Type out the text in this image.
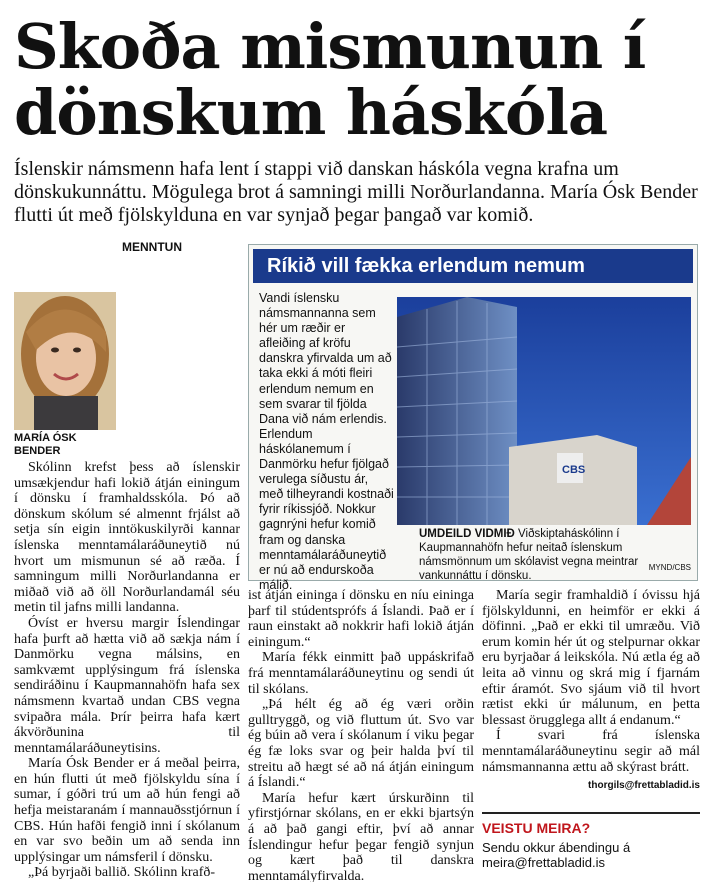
Skoða mismunun í
dönskum háskóla
Íslenskir námsmenn hafa lent í stappi við danskan háskóla vegna krafna um dönskukunnáttu. Mögulega brot á samningi milli Norðurlandanna. María Ósk Bender flutti út með fjölskylduna en var synjað þegar þangað var komið.

MENNTUN

MARÍA ÓSK
BENDER

Skólinn krefst þess að íslenskir umsækjendur hafi lokið átján einingum í dönsku í framhaldsskóla. Þó að dönskum skólum sé almennt frjálst að setja sín eigin inntökuskilyrði kannar íslenska menntamálaráðuneytið nú hvort um mismunun sé að ræða. Í samningum milli Norðurlandanna er miðað við að öll Norðurlandamál séu metin til jafns milli landanna.

Óvíst er hversu margir Íslendingar hafa þurft að hætta við að sækja nám í Danmörku vegna málsins, en samkvæmt upplýsingum frá íslenska sendiráðinu í Kaupmannahöfn hafa sex námsmenn kvartað undan CBS vegna svipaðra mála. Þrír þeirra hafa kært ákvörðunina til menntamálaráðuneytisins.

María Ósk Bender er á meðal þeirra, en hún flutti út með fjölskyldu sína í sumar, í góðri trú um að hún fengi að hefja meistaranám í mannauðsstjórnun í CBS. Hún hafði fengið inni í skólanum en var svo beðin um að senda inn upplýsingar um námsferil í dönsku.

„Þá byrjaði ballið. Skólinn krafð-

Ríkið vill fækka erlendum nemum
Vandi íslensku námsmannanna sem hér um ræðir er afleiðing af kröfu danskra yfirvalda um að taka ekki á móti fleiri erlendum nemum en sem svarar til fjölda Dana við nám erlendis. Erlendum háskólanemum í Danmörku hefur fjölgað verulega síðustu ár, með tilheyrandi kostnaði fyrir ríkissjóð. Nokkur gagnrýni hefur komið fram og danska menntamálaráðuneytið er nú að endurskoða málið.
CBS
UMDEILD VIDMIÐ Viðskiptaháskólinn í Kaupmannahöfn hefur neitað íslenskum námsmönnum um skólavist vegna meintrar vankunnáttu í dönsku.
MYND/CBS

ist átján eininga í dönsku en níu eininga þarf til stúdentsprófs á Íslandi. Það er í raun einstakt að nokkrir hafi lokið átján einingum.“

María fékk einmitt það uppáskrifað frá menntamálaráðuneytinu og sendi út til skólans.

„Þá hélt ég að ég væri orðin gulltryggð, og við fluttum út. Svo var ég búin að vera í skólanum í viku þegar ég fæ loks svar og þeir halda því til streitu að hægt sé að ná átján einingum á Íslandi.“

María hefur kært úrskurðinn til yfirstjórnar skólans, en er ekki bjartsýn á að það gangi eftir, því að annar Íslendingur hefur þegar fengið synjun og kært það til danskra menntamályfirvalda.

María segir framhaldið í óvissu hjá fjölskyldunni, en heimför er ekki á döfinni. „Það er ekki til umræðu. Við erum komin hér út og stelpurnar okkar eru byrjaðar á leikskóla. Nú ætla ég að leita að vinnu og skrá mig í fjarnám eftir áramót. Svo sjáum við til hvort rætist ekki úr málunum, en þetta blessast örugglega allt á endanum.“

Í svari frá íslenska menntamálaráðuneytinu segir að mál námsmannanna ættu að skýrast brátt.

thorgils@frettabladid.is
VEISTU MEIRA?
Sendu okkur ábendingu á meira@frettabladid.is
